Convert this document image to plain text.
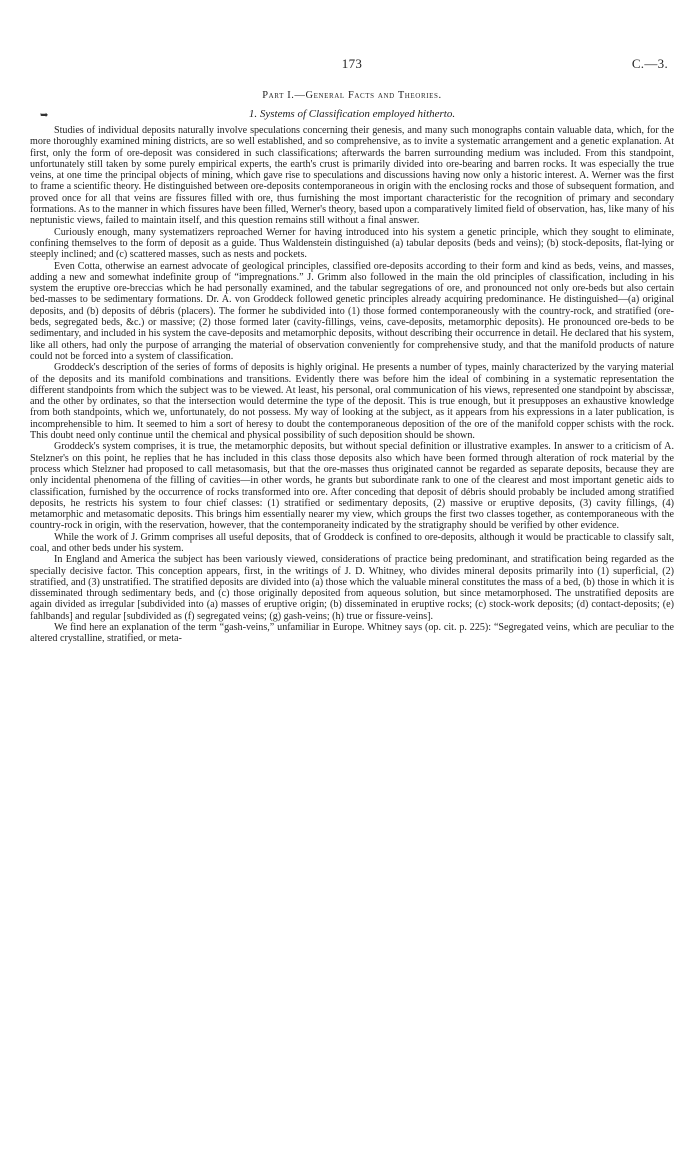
173	C.—3.
Part I.—General Facts and Theories.
➥	1. Systems of Classification employed hitherto.

Studies of individual deposits naturally involve speculations concerning their genesis, and many such monographs contain valuable data, which, for the more thoroughly examined mining districts, are so well established, and so comprehensive, as to invite a systematic arrangement and a genetic explanation. At first, only the form of ore-deposit was considered in such classifications; afterwards the barren surrounding medium was included. From this standpoint, unfortunately still taken by some purely empirical experts, the earth's crust is primarily divided into ore-bearing and barren rocks. It was especially the true veins, at one time the principal objects of mining, which gave rise to speculations and discussions having now only a historic interest. A. Werner was the first to frame a scientific theory. He distinguished between ore-deposits contemporaneous in origin with the enclosing rocks and those of subsequent formation, and proved once for all that veins are fissures filled with ore, thus furnishing the most important characteristic for the recognition of primary and secondary formations. As to the manner in which fissures have been filled, Werner's theory, based upon a comparatively limited field of observation, has, like many of his neptunistic views, failed to maintain itself, and this question remains still without a final answer.

Curiously enough, many systematizers reproached Werner for having introduced into his system a genetic principle, which they sought to eliminate, confining themselves to the form of deposit as a guide. Thus Waldenstein distinguished (a) tabular deposits (beds and veins); (b) stock-deposits, flat-lying or steeply inclined; and (c) scattered masses, such as nests and pockets.

Even Cotta, otherwise an earnest advocate of geological principles, classified ore-deposits according to their form and kind as beds, veins, and masses, adding a new and somewhat indefinite group of “impregnations.” J. Grimm also followed in the main the old principles of classification, including in his system the eruptive ore-breccias which he had personally examined, and the tabular segregations of ore, and pronounced not only ore-beds but also certain bed-masses to be sedimentary formations. Dr. A. von Groddeck followed genetic principles already acquiring predominance. He distinguished—(a) original deposits, and (b) deposits of débris (placers). The former he subdivided into (1) those formed contemporaneously with the country-rock, and stratified (ore-beds, segregated beds, &c.) or massive; (2) those formed later (cavity-fillings, veins, cave-deposits, metamorphic deposits). He pronounced ore-beds to be sedimentary, and included in his system the cave-deposits and metamorphic deposits, without describing their occurrence in detail. He declared that his system, like all others, had only the purpose of arranging the material of observation conveniently for comprehensive study, and that the manifold products of nature could not be forced into a system of classification.

Groddeck's description of the series of forms of deposits is highly original. He presents a number of types, mainly characterized by the varying material of the deposits and its manifold combinations and transitions. Evidently there was before him the ideal of combining in a systematic representation the different standpoints from which the subject was to be viewed. At least, his personal, oral communication of his views, represented one standpoint by abscissæ, and the other by ordinates, so that the intersection would determine the type of the deposit. This is true enough, but it presupposes an exhaustive knowledge from both standpoints, which we, unfortunately, do not possess. My way of looking at the subject, as it appears from his expressions in a later publication, is incomprehensible to him. It seemed to him a sort of heresy to doubt the contemporaneous deposition of the ore of the manifold copper schists with the rock. This doubt need only continue until the chemical and physical possibility of such deposition should be shown.

Groddeck's system comprises, it is true, the metamorphic deposits, but without special definition or illustrative examples. In answer to a criticism of A. Stelzner's on this point, he replies that he has included in this class those deposits also which have been formed through alteration of rock material by the process which Stelzner had proposed to call metasomasis, but that the ore-masses thus originated cannot be regarded as separate deposits, because they are only incidental phenomena of the filling of cavities—in other words, he grants but subordinate rank to one of the clearest and most important genetic aids to classification, furnished by the occurrence of rocks transformed into ore. After conceding that deposit of débris should probably be included among stratified deposits, he restricts his system to four chief classes: (1) stratified or sedimentary deposits, (2) massive or eruptive deposits, (3) cavity fillings, (4) metamorphic and metasomatic deposits. This brings him essentially nearer my view, which groups the first two classes together, as contemporaneous with the country-rock in origin, with the reservation, however, that the contemporaneity indicated by the stratigraphy should be verified by other evidence.

While the work of J. Grimm comprises all useful deposits, that of Groddeck is confined to ore-deposits, although it would be practicable to classify salt, coal, and other beds under his system.

In England and America the subject has been variously viewed, considerations of practice being predominant, and stratification being regarded as the specially decisive factor. This conception appears, first, in the writings of J. D. Whitney, who divides mineral deposits primarily into (1) superficial, (2) stratified, and (3) unstratified. The stratified deposits are divided into (a) those which the valuable mineral constitutes the mass of a bed, (b) those in which it is disseminated through sedimentary beds, and (c) those originally deposited from aqueous solution, but since metamorphosed. The unstratified deposits are again divided as irregular [subdivided into (a) masses of eruptive origin; (b) disseminated in eruptive rocks; (c) stock-work deposits; (d) contact-deposits; (e) fahlbands] and regular [subdivided as (f) segregated veins; (g) gash-veins; (h) true or fissure-veins].

We find here an explanation of the term “gash-veins,” unfamiliar in Europe. Whitney says (op. cit. p. 225): “Segregated veins, which are peculiar to the altered crystalline, stratified, or meta-
